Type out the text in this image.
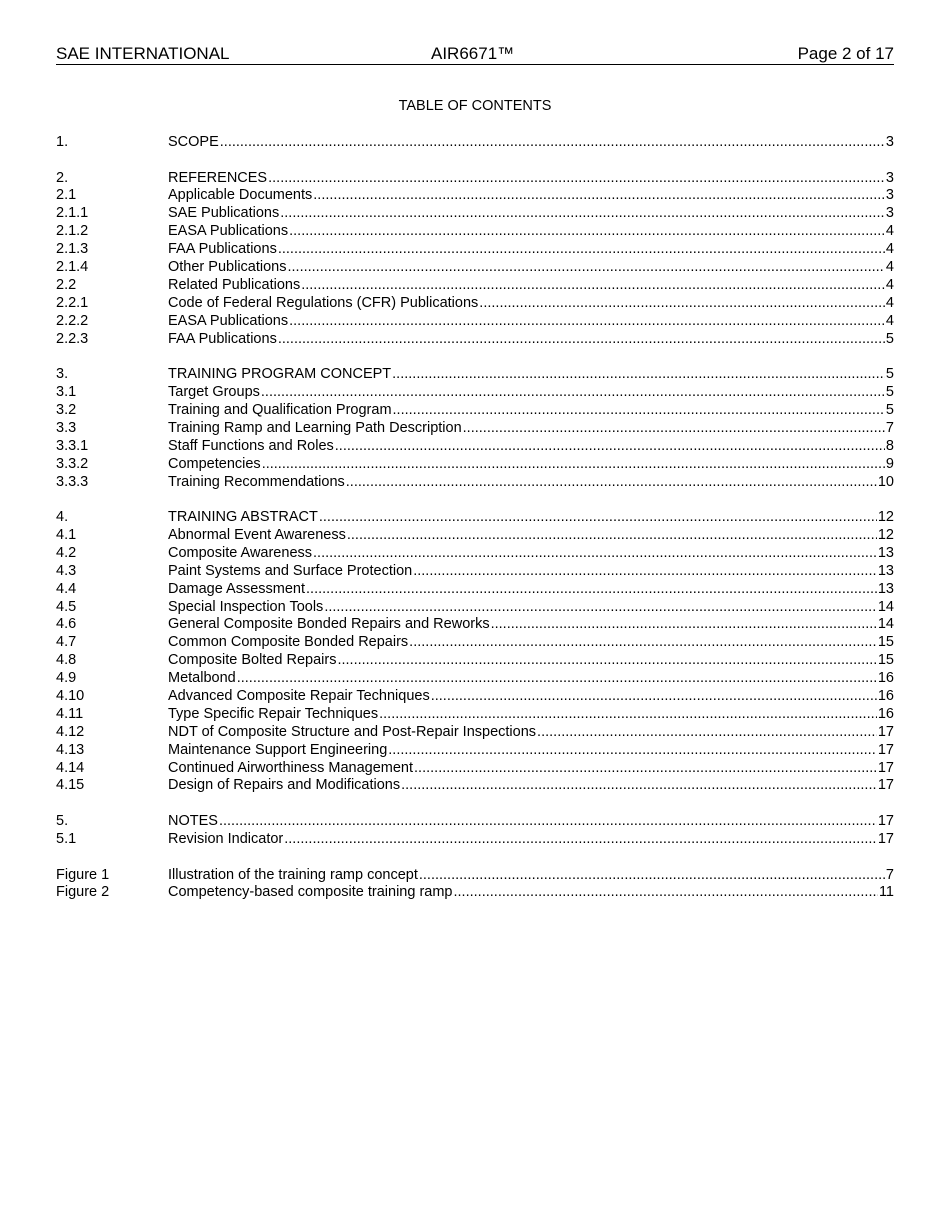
SAE INTERNATIONAL	AIR6671™	Page 2 of 17
TABLE OF CONTENTS
1.	SCOPE .....	3
2.	REFERENCES .....	3
2.1	Applicable Documents .....	3
2.1.1	SAE Publications .....	3
2.1.2	EASA Publications .....	4
2.1.3	FAA Publications .....	4
2.1.4	Other Publications .....	4
2.2	Related Publications .....	4
2.2.1	Code of Federal Regulations (CFR) Publications .....	4
2.2.2	EASA Publications .....	4
2.2.3	FAA Publications .....	5
3.	TRAINING PROGRAM CONCEPT .....	5
3.1	Target Groups .....	5
3.2	Training and Qualification Program .....	5
3.3	Training Ramp and Learning Path Description .....	7
3.3.1	Staff Functions and Roles .....	8
3.3.2	Competencies .....	9
3.3.3	Training Recommendations .....	10
4.	TRAINING ABSTRACT .....	12
4.1	Abnormal Event Awareness .....	12
4.2	Composite Awareness .....	13
4.3	Paint Systems and Surface Protection .....	13
4.4	Damage Assessment .....	13
4.5	Special Inspection Tools .....	14
4.6	General Composite Bonded Repairs and Reworks .....	14
4.7	Common Composite Bonded Repairs .....	15
4.8	Composite Bolted Repairs .....	15
4.9	Metalbond .....	16
4.10	Advanced Composite Repair Techniques .....	16
4.11	Type Specific Repair Techniques .....	16
4.12	NDT of Composite Structure and Post-Repair Inspections .....	17
4.13	Maintenance Support Engineering .....	17
4.14	Continued Airworthiness Management .....	17
4.15	Design of Repairs and Modifications .....	17
5.	NOTES .....	17
5.1	Revision Indicator .....	17
Figure 1	Illustration of the training ramp concept .....	7
Figure 2	Competency-based composite training ramp .....	11
